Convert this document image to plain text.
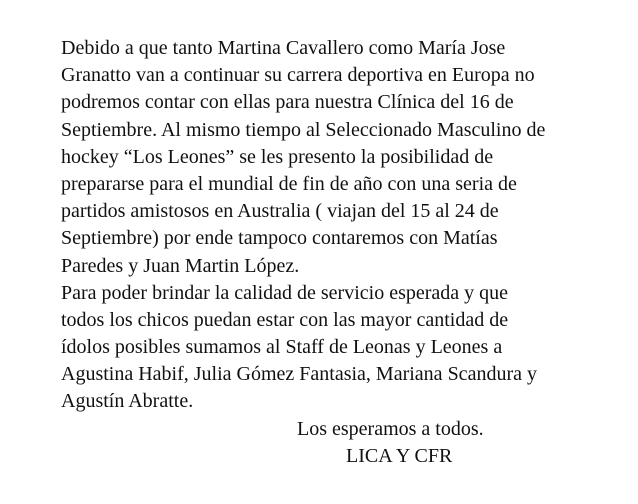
Debido a que tanto Martina Cavallero como María Jose
Granatto van a continuar su carrera deportiva en Europa no
podremos contar con ellas para nuestra Clínica del 16 de
Septiembre. Al mismo tiempo al Seleccionado Masculino de
hockey “Los Leones” se les presento la posibilidad de
prepararse para el mundial de fin de año con una seria de
partidos amistosos en Australia ( viajan del 15 al 24 de
Septiembre) por ende tampoco contaremos con Matías
Paredes y Juan Martin López.
Para poder brindar la calidad de servicio esperada y que
todos los chicos puedan estar con las mayor cantidad de
ídolos posibles sumamos al Staff de Leonas y Leones a
Agustina Habif, Julia Gómez Fantasia, Mariana Scandura y
Agustín Abratte.
Los esperamos a todos.
LICA Y CFR
